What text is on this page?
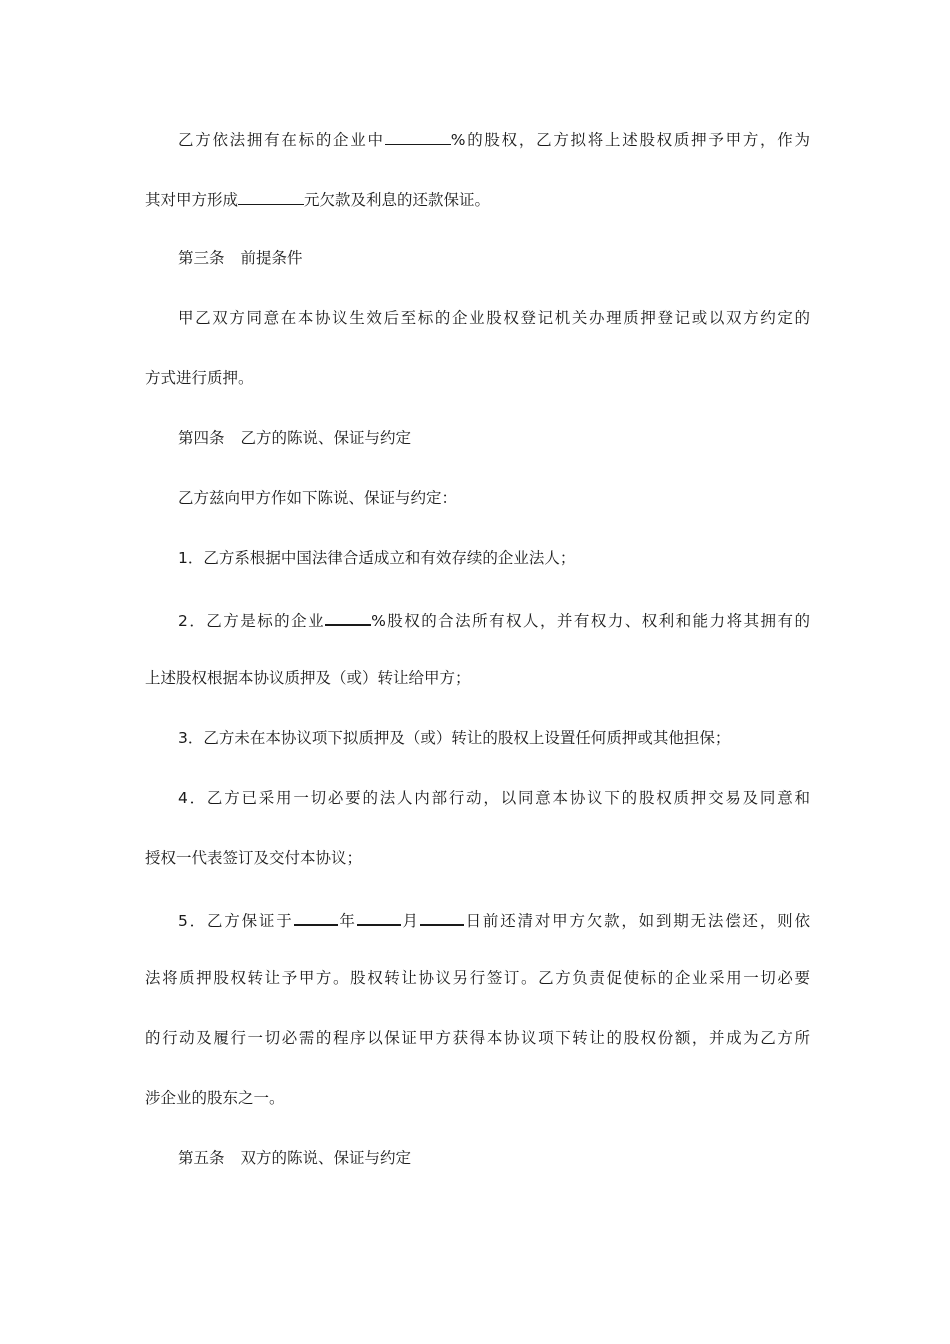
乙方依法拥有在标的企业中	%的股权，乙方拟将上述股权质押予甲方，作为
其对甲方形成	元欠款及利息的还款保证。
第三条 前提条件
甲乙双方同意在本协议生效后至标的企业股权登记机关办理质押登记或以双方约定的
方式进行质押。
第四条 乙方的陈说、保证与约定
乙方兹向甲方作如下陈说、保证与约定：
1．乙方系根据中国法律合适成立和有效存续的企业法人；
2．乙方是标的企业	%股权的合法所有权人，并有权力、权利和能力将其拥有的
上述股权根据本协议质押及（或）转让给甲方；
3．乙方未在本协议项下拟质押及（或）转让的股权上设置任何质押或其他担保；
4．乙方已采用一切必要的法人内部行动，以同意本协议下的股权质押交易及同意和
授权一代表签订及交付本协议；
5．乙方保证于	年	月	日前还清对甲方欠款，如到期无法偿还，则依
法将质押股权转让予甲方。股权转让协议另行签订。乙方负责促使标的企业采用一切必要
的行动及履行一切必需的程序以保证甲方获得本协议项下转让的股权份额，并成为乙方所
涉企业的股东之一。
第五条 双方的陈说、保证与约定
